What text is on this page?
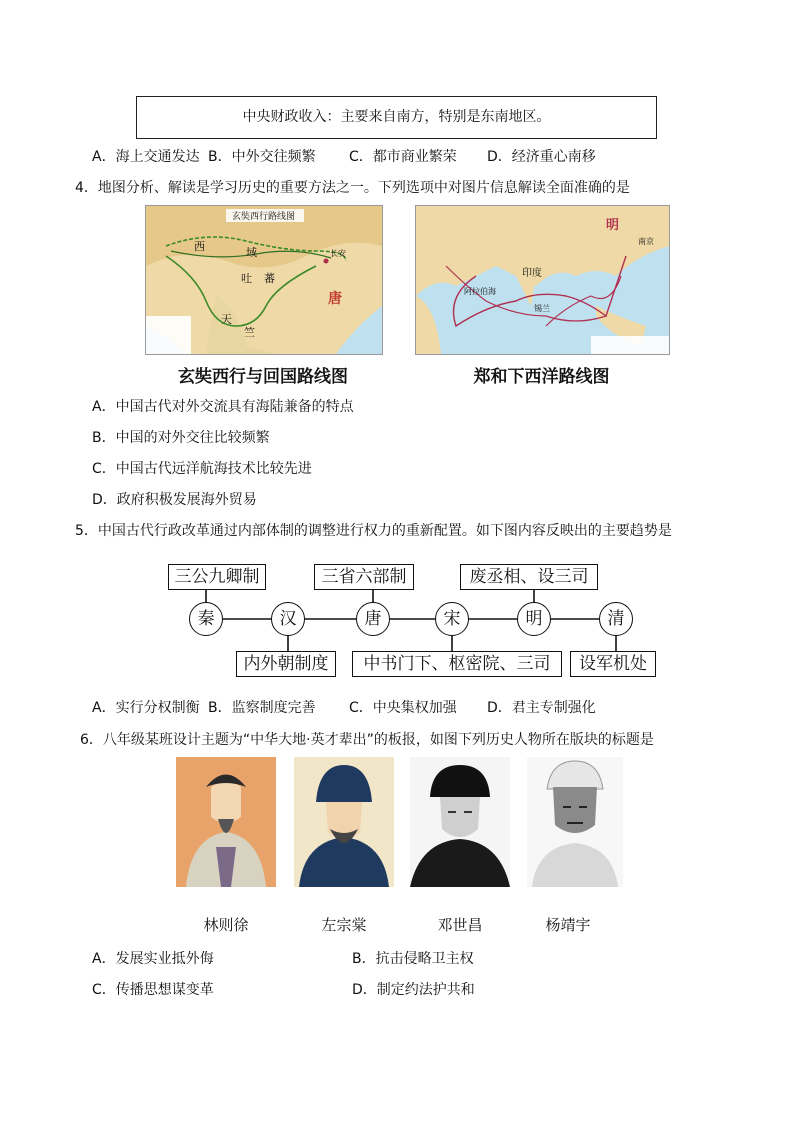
中央财政收入：主要来自南方，特别是东南地区。
A．海上交通发达 B．中外交往频繁 C．都市商业繁荣 D．经济重心南移
4．地图分析、解读是学习历史的重要方法之一。下列选项中对图片信息解读全面准确的是
玄奘西行路线图
西	域
吐 蕃
唐
天
竺
长安
明
印度
锡兰
阿拉伯海
南京
玄奘西行与回国路线图	郑和下西洋路线图
A．中国古代对外交流具有海陆兼备的特点
B．中国的对外交往比较频繁
C．中国古代远洋航海技术比较先进
D．政府积极发展海外贸易
5．中国古代行政改革通过内部体制的调整进行权力的重新配置。如下图内容反映出的主要趋势是
三公九卿制	三省六部制	废丞相、设三司
秦	汉	唐	宋	明	清
内外朝制度	中书门下、枢密院、三司	设军机处
A．实行分权制衡 B．监察制度完善 C．中央集权加强 D．君主专制强化
6．八年级某班设计主题为“中华大地·英才辈出”的板报，如图下列历史人物所在版块的标题是
林则徐	左宗棠	邓世昌	杨靖宇
A．发展实业抵外侮	B．抗击侵略卫主权
C．传播思想谋变革	D．制定约法护共和
